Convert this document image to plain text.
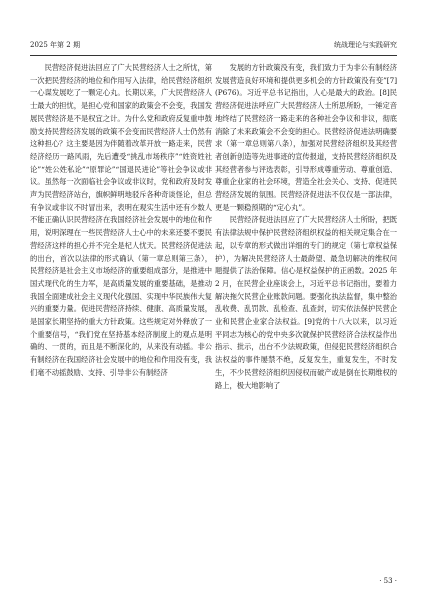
2025 年第 2 期	统战理论与实践研究

民营经济促进法回应了广大民营经济人士之所忧，第一次把民营经济的地位和作用写入法律，给民营经济组织一心谋发展吃了一颗定心丸。长期以来，广大民营经济人士最大的担忧，是担心党和国家的政策会不会变，我国发展民营经济是不是权宜之计。为什么党和政府反复重申鼓励支持民营经济发展的政策不会变而民营经济人士仍然有这种担心？这主要是因为伴随着改革开放一路走来，民营经济经历一路风雨，先后遭受“挑乱市场秩序”“姓资姓社论”“姓公姓私论”“原罪论”“国退民进论”等社会争议或非议。虽然每一次面临社会争议或非议时，党和政府及时发声为民营经济站台，旗帜鲜明地驳斥各种奇谈怪论，但总有争议或非议不时冒出来，表明在观实生活中还有少数人不能正确认识民营经济在我国经济社会发展中的地位和作用，说明深理在一些民营经济人士心中的未来还要不要民营经济这样的担心并不完全是杞人忧天。民营经济促进法的出台，首次以法律的形式确认（第一章总则第三条），民营经济是社会主义市场经济的重要组成部分，是推进中国式现代化的生力军，是高质量发展的重要基础，是推动我国全面建成社会主义现代化强国、实现中华民族伟大复兴的重要力量。促进民营经济持续、健康、高质量发展，是国家长期坚持的重大方针政策。这些规定对外释放了一个重要信号，“我们党在坚持基本经济制度上的观点是明确的、一贯的，而且是不断深化的，从来没有动摇。非公有制经济在我国经济社会发展中的地位和作用没有变，我们毫不动摇鼓励、支持、引导非公有制经济

发展的方针政策没有变，我们致力于为非公有制经济发展营造良好环境和提供更多机会的方针政策没有变”[7](P676)。习近平总书记指出，人心是最大的政治。[8]民营经济促进法呼应广大民营经济人士所思所盼，一锤定音地终结了民营经济一路走来的各种社会争议和非议，彻底消除了未来政策会不会变的担心。民营经济促进法明确要求（第一章总则第八条），加强对民营经济组织及其经营者创新创造等先进事迹的宣传报道，支持民营经济组织及其经营者参与评选表彰，引导形成尊重劳动、尊重创造、尊重企业家的社会环境，营造全社会关心、支持、促进民营经济发展的氛围。民营经济促进法不仅仅是一部法律，更是一颗稳预期的“定心丸”。

民营经济促进法回应了广大民营经济人士所盼，把既有法律法规中保护民营经济组织权益的相关规定集合在一起，以专章的形式做出详细的专门的规定（第七章权益保护），为解决民营经济人士最龄望、最急切解决的维权问题提供了法治保障。信心是权益保护的正函数。2025 年 2 月，在民营企业座谈会上，习近平总书记指出，要着力解决拖欠民营企业账款问题。要强化执法监督，集中整治乱收费、乱罚款、乱检查、乱查封，切实依法保护民营企业和民营企业家合法权益。[9]党的十八大以来，以习近平同志为核心的党中央多次就保护民营经济合法权益作出指示、批示，出台不少法规政策，但侵犯民营经济组织合法权益的事件屡禁不绝，反复发生，重复发生，不时发生，不少民营经济组织因侵权而破产或是倒在长期维权的路上，极大地影响了

· 53 ·
